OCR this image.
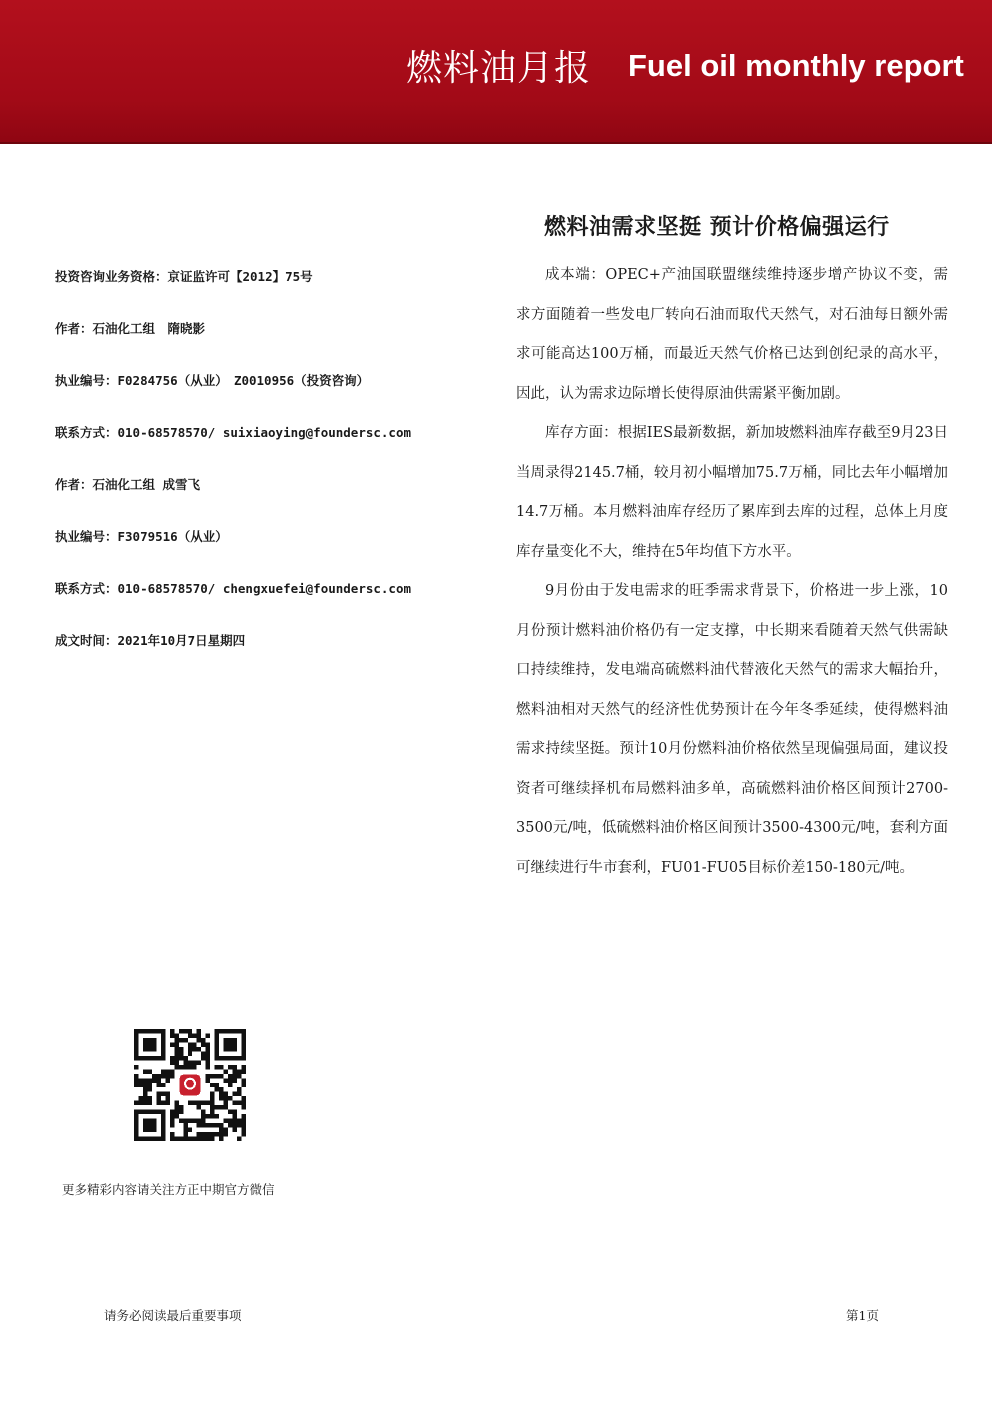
燃料油月报 Fuel oil monthly report
燃料油需求坚挺 预计价格偏强运行
投资咨询业务资格：京证监许可【2012】75号
作者：石油化工组　隋晓影
执业编号：F0284756（从业）　Z0010956（投资咨询）
联系方式：010-68578570/ suixiaoying@foundersc.com
作者：石油化工组 成雪飞
执业编号：F3079516（从业）
联系方式：010-68578570/ chengxuefei@foundersc.com
成文时间：2021年10月7日星期四

成本端：OPEC+产油国联盟继续维持逐步增产协议不变，需求方面随着一些发电厂转向石油而取代天然气，对石油每日额外需求可能高达100万桶，而最近天然气价格已达到创纪录的高水平，因此，认为需求边际增长使得原油供需紧平衡加剧。

库存方面：根据IES最新数据，新加坡燃料油库存截至9月23日当周录得2145.7桶，较月初小幅增加75.7万桶，同比去年小幅增加14.7万桶。本月燃料油库存经历了累库到去库的过程，总体上月度库存量变化不大，维持在5年均值下方水平。

9月份由于发电需求的旺季需求背景下，价格进一步上涨，10月份预计燃料油价格仍有一定支撑，中长期来看随着天然气供需缺口持续维持，发电端高硫燃料油代替液化天然气的需求大幅抬升，燃料油相对天然气的经济性优势预计在今年冬季延续，使得燃料油需求持续坚挺。预计10月份燃料油价格依然呈现偏强局面，建议投资者可继续择机布局燃料油多单，高硫燃料油价格区间预计2700-3500元/吨，低硫燃料油价格区间预计3500-4300元/吨，套利方面可继续进行牛市套利，FU01-FU05目标价差150-180元/吨。

更多精彩内容请关注方正中期官方微信
请务必阅读最后重要事项	第1页
